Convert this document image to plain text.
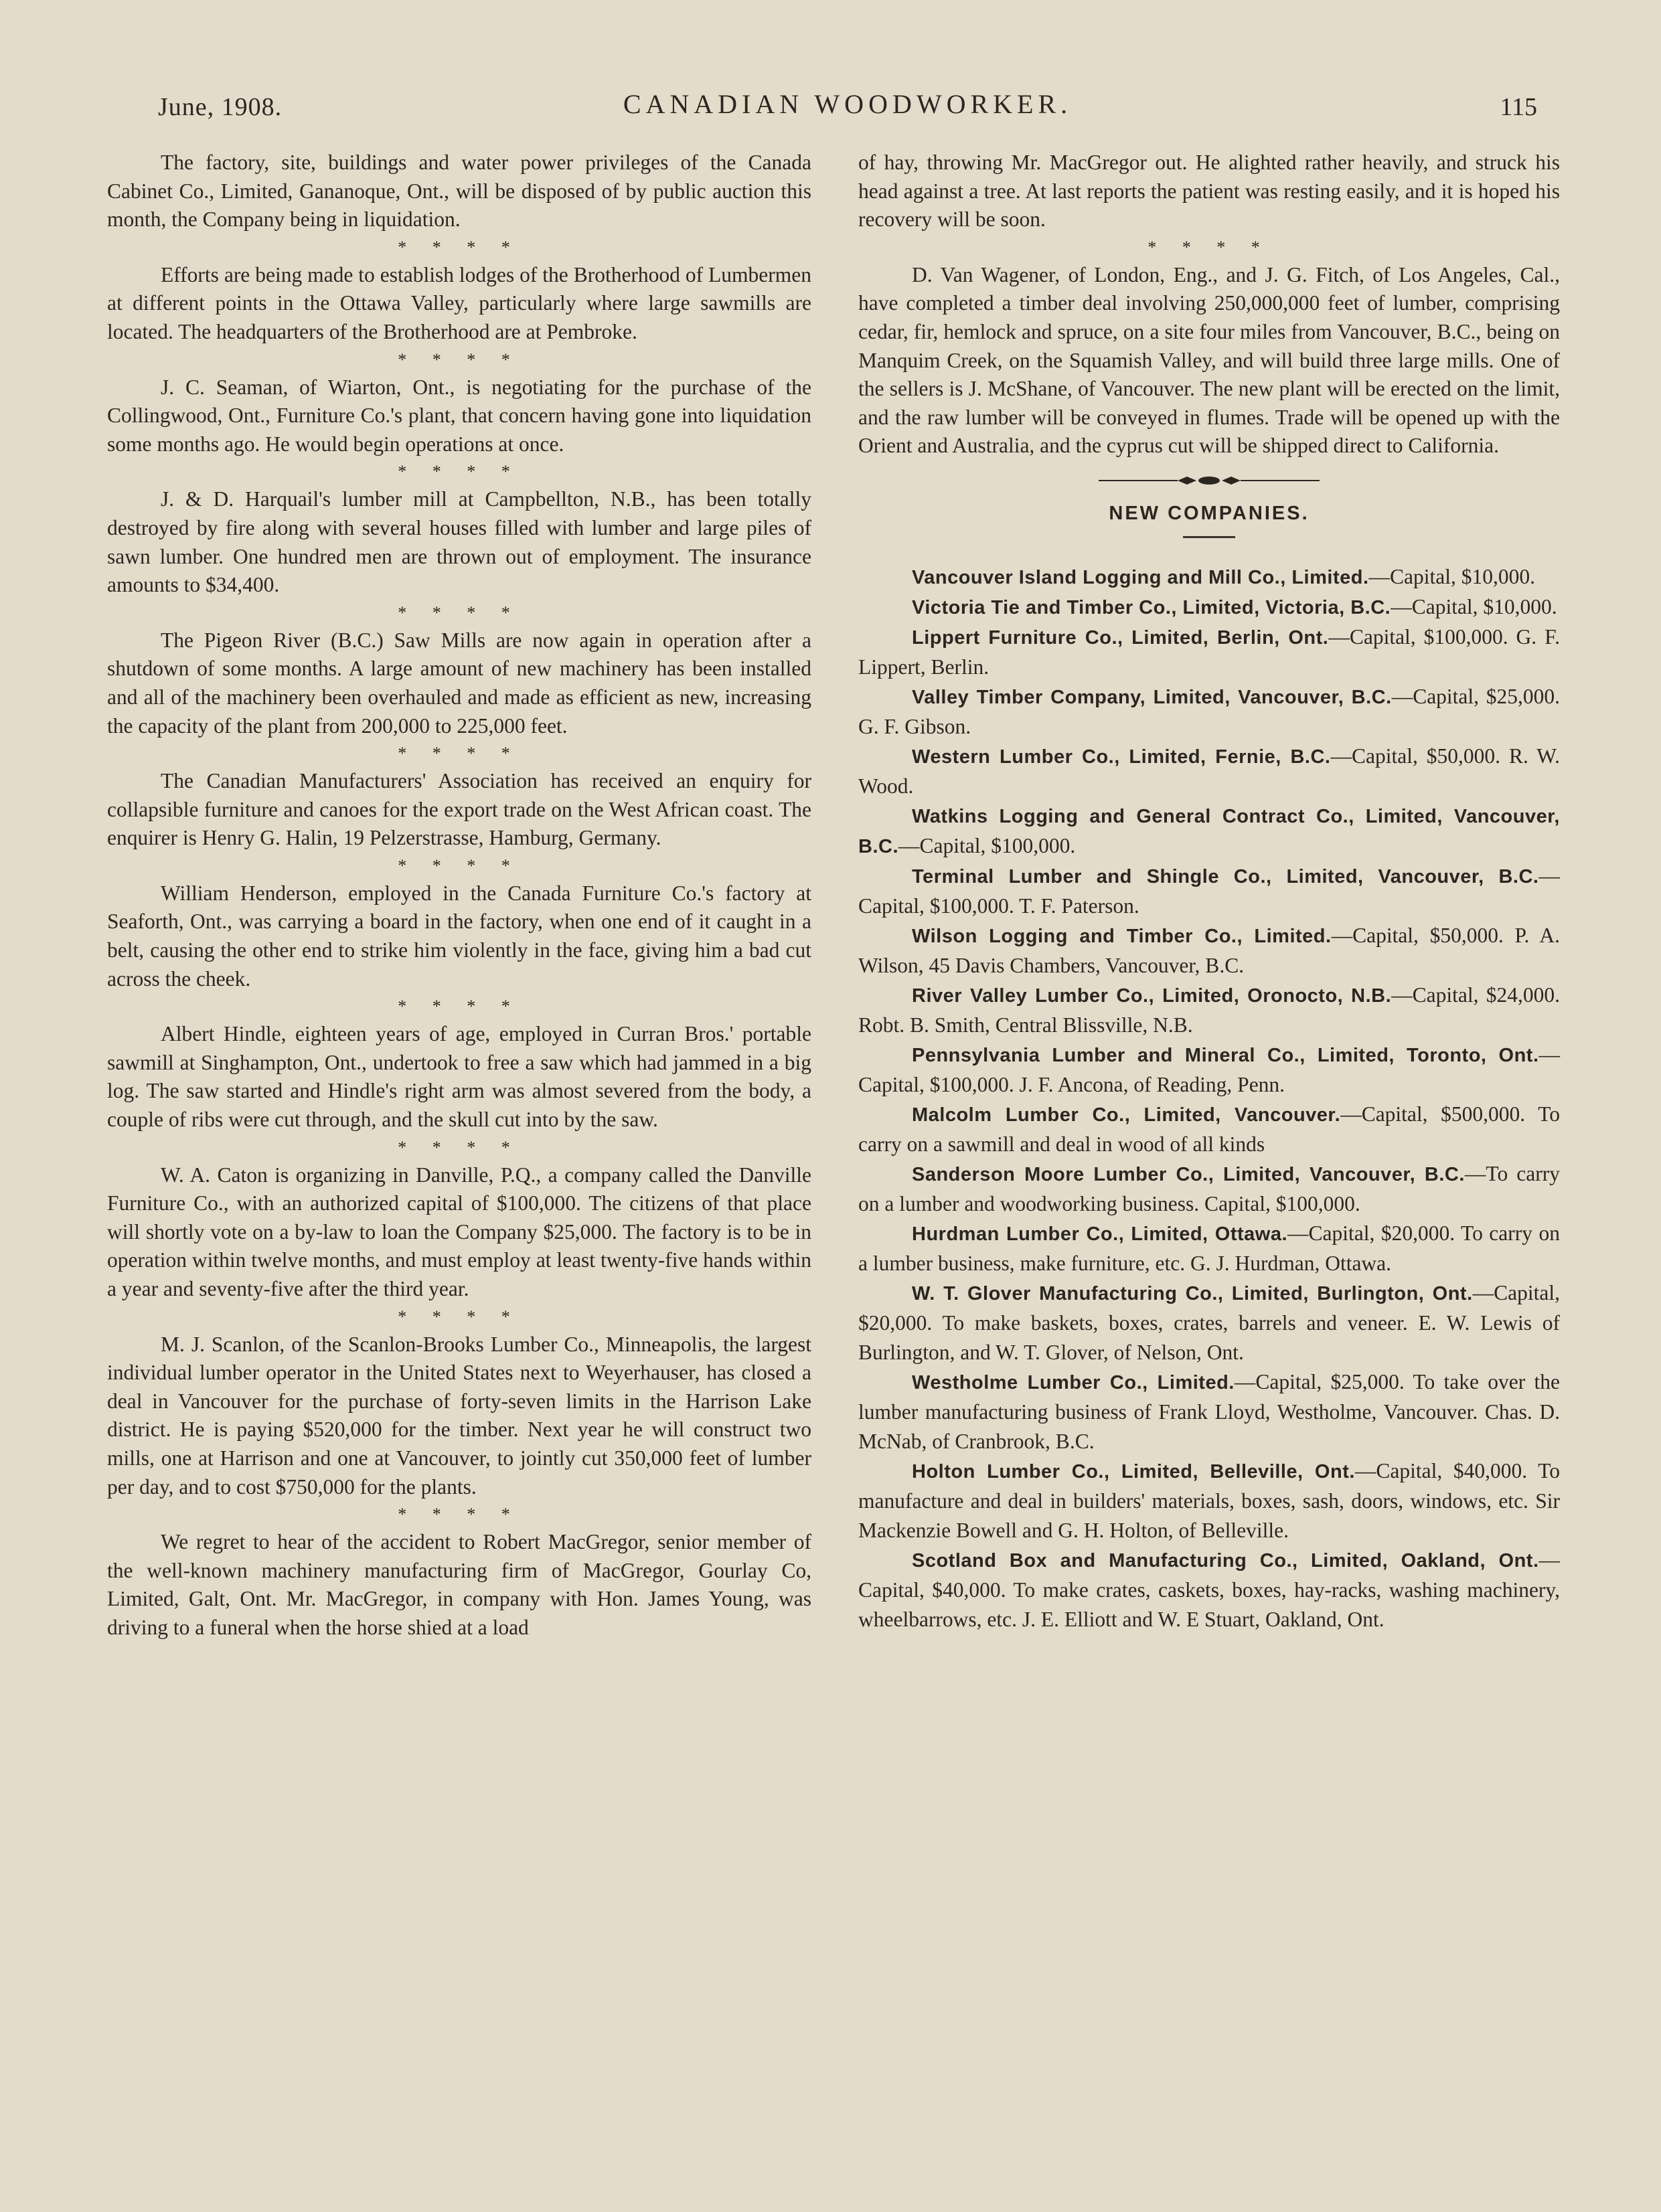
June, 1908.	CANADIAN WOODWORKER.	115

The factory, site, buildings and water power privileges of the Canada Cabinet Co., Limited, Gananoque, Ont., will be disposed of by public auction this month, the Company being in liquidation.

* * * *

Efforts are being made to establish lodges of the Brotherhood of Lumbermen at different points in the Ottawa Valley, particularly where large sawmills are located. The headquarters of the Brotherhood are at Pembroke.

* * * *

J. C. Seaman, of Wiarton, Ont., is negotiating for the purchase of the Collingwood, Ont., Furniture Co.'s plant, that concern having gone into liquidation some months ago. He would begin operations at once.

* * * *

J. & D. Harquail's lumber mill at Campbellton, N.B., has been totally destroyed by fire along with several houses filled with lumber and large piles of sawn lumber. One hundred men are thrown out of employment. The insurance amounts to $34,400.

* * * *

The Pigeon River (B.C.) Saw Mills are now again in operation after a shutdown of some months. A large amount of new machinery has been installed and all of the machinery been overhauled and made as efficient as new, increasing the capacity of the plant from 200,000 to 225,000 feet.

* * * *

The Canadian Manufacturers' Association has received an enquiry for collapsible furniture and canoes for the export trade on the West African coast. The enquirer is Henry G. Halin, 19 Pelzerstrasse, Hamburg, Germany.

* * * *

William Henderson, employed in the Canada Furniture Co.'s factory at Seaforth, Ont., was carrying a board in the factory, when one end of it caught in a belt, causing the other end to strike him violently in the face, giving him a bad cut across the cheek.

* * * *

Albert Hindle, eighteen years of age, employed in Curran Bros.' portable sawmill at Singhampton, Ont., undertook to free a saw which had jammed in a big log. The saw started and Hindle's right arm was almost severed from the body, a couple of ribs were cut through, and the skull cut into by the saw.

* * * *

W. A. Caton is organizing in Danville, P.Q., a company called the Danville Furniture Co., with an authorized capital of $100,000. The citizens of that place will shortly vote on a by-law to loan the Company $25,000. The factory is to be in operation within twelve months, and must employ at least twenty-five hands within a year and seventy-five after the third year.

* * * *

M. J. Scanlon, of the Scanlon-Brooks Lumber Co., Minneapolis, the largest individual lumber operator in the United States next to Weyerhauser, has closed a deal in Vancouver for the purchase of forty-seven limits in the Harrison Lake district. He is paying $520,000 for the timber. Next year he will construct two mills, one at Harrison and one at Vancouver, to jointly cut 350,000 feet of lumber per day, and to cost $750,000 for the plants.

* * * *

We regret to hear of the accident to Robert MacGregor, senior member of the well-known machinery manufacturing firm of MacGregor, Gourlay Co, Limited, Galt, Ont. Mr. MacGregor, in company with Hon. James Young, was driving to a funeral when the horse shied at a load

of hay, throwing Mr. MacGregor out. He alighted rather heavily, and struck his head against a tree. At last reports the patient was resting easily, and it is hoped his recovery will be soon.

* * * *

D. Van Wagener, of London, Eng., and J. G. Fitch, of Los Angeles, Cal., have completed a timber deal involving 250,000,000 feet of lumber, comprising cedar, fir, hemlock and spruce, on a site four miles from Vancouver, B.C., being on Manquim Creek, on the Squamish Valley, and will build three large mills. One of the sellers is J. McShane, of Vancouver. The new plant will be erected on the limit, and the raw lumber will be conveyed in flumes. Trade will be opened up with the Orient and Australia, and the cyprus cut will be shipped direct to California.

NEW COMPANIES.

Vancouver Island Logging and Mill Co., Limited.—Capital, $10,000.

Victoria Tie and Timber Co., Limited, Victoria, B.C.—Capital, $10,000.

Lippert Furniture Co., Limited, Berlin, Ont.—Capital, $100,000. G. F. Lippert, Berlin.

Valley Timber Company, Limited, Vancouver, B.C.—Capital, $25,000. G. F. Gibson.

Western Lumber Co., Limited, Fernie, B.C.—Capital, $50,000. R. W. Wood.

Watkins Logging and General Contract Co., Limited, Vancouver, B.C.—Capital, $100,000.

Terminal Lumber and Shingle Co., Limited, Vancouver, B.C.—Capital, $100,000. T. F. Paterson.

Wilson Logging and Timber Co., Limited.—Capital, $50,000. P. A. Wilson, 45 Davis Chambers, Vancouver, B.C.

River Valley Lumber Co., Limited, Oronocto, N.B.—Capital, $24,000. Robt. B. Smith, Central Blissville, N.B.

Pennsylvania Lumber and Mineral Co., Limited, Toronto, Ont.—Capital, $100,000. J. F. Ancona, of Reading, Penn.

Malcolm Lumber Co., Limited, Vancouver.—Capital, $500,000. To carry on a sawmill and deal in wood of all kinds

Sanderson Moore Lumber Co., Limited, Vancouver, B.C.—To carry on a lumber and woodworking business. Capital, $100,000.

Hurdman Lumber Co., Limited, Ottawa.—Capital, $20,000. To carry on a lumber business, make furniture, etc. G. J. Hurdman, Ottawa.

W. T. Glover Manufacturing Co., Limited, Burlington, Ont.—Capital, $20,000. To make baskets, boxes, crates, barrels and veneer. E. W. Lewis of Burlington, and W. T. Glover, of Nelson, Ont.

Westholme Lumber Co., Limited.—Capital, $25,000. To take over the lumber manufacturing business of Frank Lloyd, Westholme, Vancouver. Chas. D. McNab, of Cranbrook, B.C.

Holton Lumber Co., Limited, Belleville, Ont.—Capital, $40,000. To manufacture and deal in builders' materials, boxes, sash, doors, windows, etc. Sir Mackenzie Bowell and G. H. Holton, of Belleville.

Scotland Box and Manufacturing Co., Limited, Oakland, Ont.—Capital, $40,000. To make crates, caskets, boxes, hay-racks, washing machinery, wheelbarrows, etc. J. E. Elliott and W. E Stuart, Oakland, Ont.
